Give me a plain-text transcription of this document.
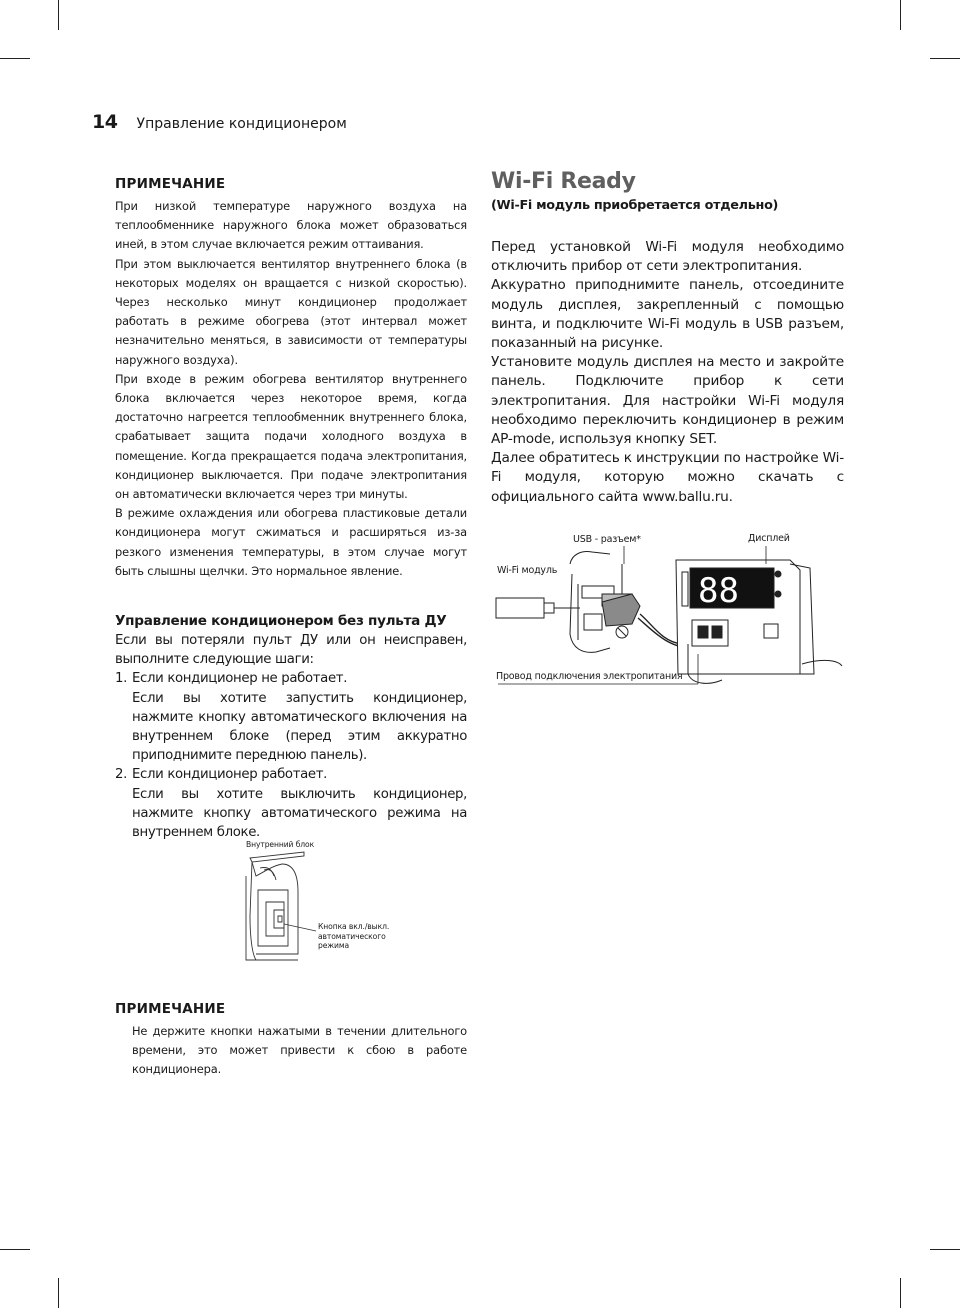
14 Управление кондиционером
ПРИМЕЧАНИЕ

При низкой температуре наружного воздуха на теплообменнике наружного блока может образоваться иней, в этом случае включается режим оттаивания.

При этом выключается вентилятор внутреннего блока (в некоторых моделях он вращается с низкой скоростью). Через несколько минут кондиционер продолжает работать в режиме обогрева (этот интервал может незначительно меняться, в зависимости от температуры наружного воздуха).

При входе в режим обогрева вентилятор внутреннего блока включается через некоторое время, когда достаточно нагреется теплообменник внутреннего блока, срабатывает защита подачи холодного воздуха в помещение. Когда прекращается подача электропитания, кондиционер выключается. При подаче электропитания он автоматически включается через три минуты.

В режиме охлаждения или обогрева пластиковые детали кондиционера могут сжиматься и расширяться из-за резкого изменения температуры, в этом случае могут быть слышны щелчки. Это нормальное явление.

Управление кондиционером без пульта ДУ

Если вы потеряли пульт ДУ или он неисправен, выполните следующие шаги:

1. Если кондиционер не работает.
Если вы хотите запустить кондиционер, нажмите кнопку автоматического включения на внутреннем блоке (перед этим аккуратно приподнимите переднюю панель).
2. Если кондиционер работает.
Если вы хотите выключить кондиционер, нажмите кнопку автоматического режима на внутреннем блоке.
Внутренний блок
Кнопка вкл./выкл.
автоматического
режима
ПРИМЕЧАНИЕ

Не держите кнопки нажатыми в течении длительного времени, это может привести к сбою в работе кондиционера.

Wi-Fi Ready
(Wi-Fi модуль приобретается отдельно)

Перед установкой Wi-Fi модуля необходимо отключить прибор от сети электропитания.

Аккуратно приподнимите панель, отсоедините модуль дисплея, закрепленный с помощью винта, и подключите Wi-Fi модуль в USB разъем, показанный на рисунке.

Установите модуль дисплея на место и закройте панель. Подключите прибор к сети электропитания. Для настройки Wi-Fi модуля необходимо переключить кондиционер в режим AP-mode, используя кнопку SET.

Далее обратитесь к инструкции по настройке Wi-Fi модуля, которую можно скачать с официального сайта www.ballu.ru.

88
USB - разъем*	Дисплей
Wi-Fi модуль
Провод подключения электропитания
